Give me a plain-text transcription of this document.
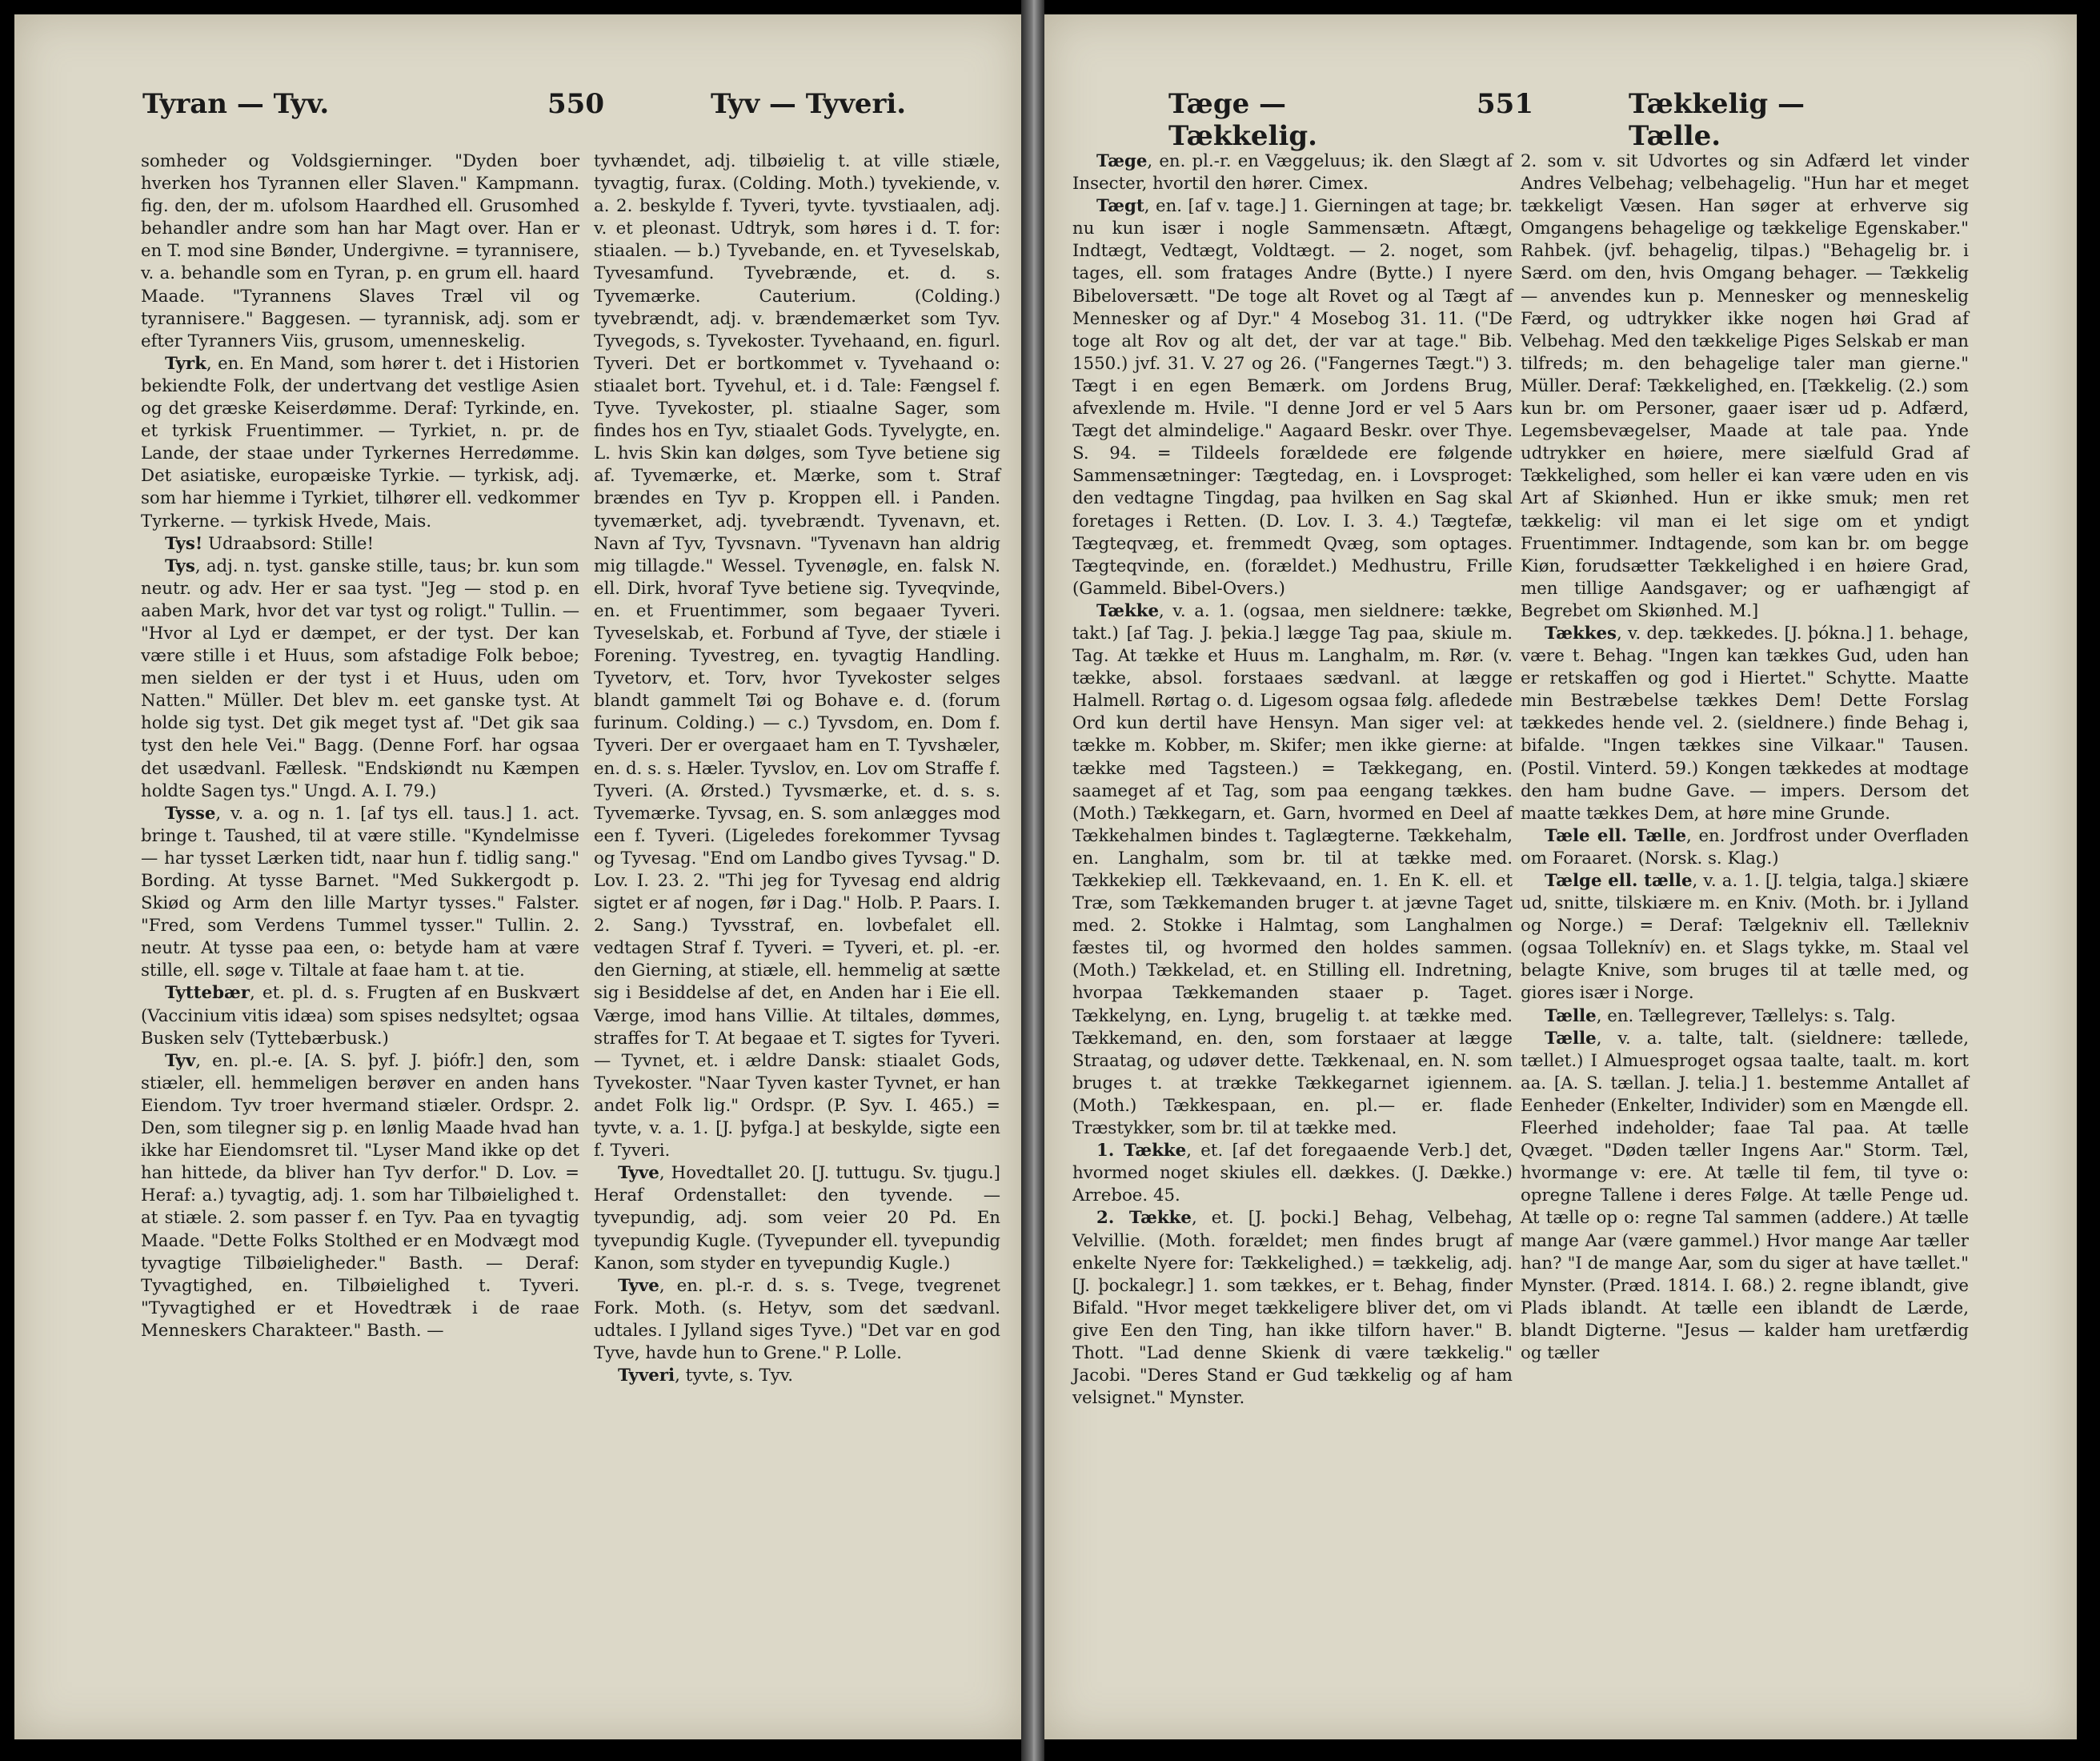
Tyran — Tyv.	550	Tyv — Tyveri.

somheder og Voldsgierninger. "Dyden boer hverken hos Tyrannen eller Slaven." Kampmann. fig. den, der m. ufolsom Haardhed ell. Grusomhed behandler andre som han har Magt over. Han er en T. mod sine Bønder, Undergivne. = tyrannisere, v. a. behandle som en Tyran, p. en grum ell. haard Maade. "Tyrannens Slaves Træl vil og tyrannisere." Baggesen. — tyrannisk, adj. som er efter Tyranners Viis, grusom, umenneskelig.

Tyrk, en. En Mand, som hører t. det i Historien bekiendte Folk, der undertvang det vestlige Asien og det græske Keiserdømme. Deraf: Tyrkinde, en. et tyrkisk Fruentimmer. — Tyrkiet, n. pr. de Lande, der staae under Tyrkernes Herredømme. Det asiatiske, europæiske Tyrkie. — tyrkisk, adj. som har hiemme i Tyrkiet, tilhører ell. vedkommer Tyrkerne. — tyrkisk Hvede, Mais.

Tys! Udraabsord: Stille!

Tys, adj. n. tyst. ganske stille, taus; br. kun som neutr. og adv. Her er saa tyst. "Jeg — stod p. en aaben Mark, hvor det var tyst og roligt." Tullin. — "Hvor al Lyd er dæmpet, er der tyst. Der kan være stille i et Huus, som afstadige Folk beboe; men sielden er der tyst i et Huus, uden om Natten." Müller. Det blev m. eet ganske tyst. At holde sig tyst. Det gik meget tyst af. "Det gik saa tyst den hele Vei." Bagg. (Denne Forf. har ogsaa det usædvanl. Fællesk. "Endskiøndt nu Kæmpen holdte Sagen tys." Ungd. A. I. 79.)

Tysse, v. a. og n. 1. [af tys ell. taus.] 1. act. bringe t. Taushed, til at være stille. "Kyndelmisse — har tysset Lærken tidt, naar hun f. tidlig sang." Bording. At tysse Barnet. "Med Sukkergodt p. Skiød og Arm den lille Martyr tysses." Falster. "Fred, som Verdens Tummel tysser." Tullin. 2. neutr. At tysse paa een, o: betyde ham at være stille, ell. søge v. Tiltale at faae ham t. at tie.

Tyttebær, et. pl. d. s. Frugten af en Buskvært (Vaccinium vitis idæa) som spises nedsyltet; ogsaa Busken selv (Tyttebærbusk.)

Tyv, en. pl.-e. [A. S. þyf. J. þiófr.] den, som stiæler, ell. hemmeligen berøver en anden hans Eiendom. Tyv troer hvermand stiæler. Ordspr. 2. Den, som tilegner sig p. en lønlig Maade hvad han ikke har Eiendomsret til. "Lyser Mand ikke op det han hittede, da bliver han Tyv derfor." D. Lov. = Heraf: a.) tyvagtig, adj. 1. som har Tilbøielighed t. at stiæle. 2. som passer f. en Tyv. Paa en tyvagtig Maade. "Dette Folks Stolthed er en Modvægt mod tyvagtige Tilbøieligheder." Basth. — Deraf: Tyvagtighed, en. Tilbøielighed t. Tyveri. "Tyvagtighed er et Hovedtræk i de raae Menneskers Charakteer." Basth. —

tyvhændet, adj. tilbøielig t. at ville stiæle, tyvagtig, furax. (Colding. Moth.) tyvekiende, v. a. 2. beskylde f. Tyveri, tyvte. tyvstiaalen, adj. v. et pleonast. Udtryk, som høres i d. T. for: stiaalen. — b.) Tyvebande, en. et Tyveselskab, Tyvesamfund. Tyvebrænde, et. d. s. Tyvemærke. Cauterium. (Colding.) tyvebrændt, adj. v. brændemærket som Tyv. Tyvegods, s. Tyvekoster. Tyvehaand, en. figurl. Tyveri. Det er bortkommet v. Tyvehaand o: stiaalet bort. Tyvehul, et. i d. Tale: Fængsel f. Tyve. Tyvekoster, pl. stiaalne Sager, som findes hos en Tyv, stiaalet Gods. Tyvelygte, en. L. hvis Skin kan dølges, som Tyve betiene sig af. Tyvemærke, et. Mærke, som t. Straf brændes en Tyv p. Kroppen ell. i Panden. tyvemærket, adj. tyvebrændt. Tyvenavn, et. Navn af Tyv, Tyvsnavn. "Tyvenavn han aldrig mig tillagde." Wessel. Tyvenøgle, en. falsk N. ell. Dirk, hvoraf Tyve betiene sig. Tyveqvinde, en. et Fruentimmer, som begaaer Tyveri. Tyveselskab, et. Forbund af Tyve, der stiæle i Forening. Tyvestreg, en. tyvagtig Handling. Tyvetorv, et. Torv, hvor Tyvekoster selges blandt gammelt Tøi og Bohave e. d. (forum furinum. Colding.) — c.) Tyvsdom, en. Dom f. Tyveri. Der er overgaaet ham en T. Tyvshæler, en. d. s. s. Hæler. Tyvslov, en. Lov om Straffe f. Tyveri. (A. Ørsted.) Tyvsmærke, et. d. s. s. Tyvemærke. Tyvsag, en. S. som anlægges mod een f. Tyveri. (Ligeledes forekommer Tyvsag og Tyvesag. "End om Landbo gives Tyvsag." D. Lov. I. 23. 2. "Thi jeg for Tyvesag end aldrig sigtet er af nogen, før i Dag." Holb. P. Paars. I. 2. Sang.) Tyvsstraf, en. lovbefalet ell. vedtagen Straf f. Tyveri. = Tyveri, et. pl. -er. den Gierning, at stiæle, ell. hemmelig at sætte sig i Besiddelse af det, en Anden har i Eie ell. Værge, imod hans Villie. At tiltales, dømmes, straffes for T. At begaae et T. sigtes for Tyveri. — Tyvnet, et. i ældre Dansk: stiaalet Gods, Tyvekoster. "Naar Tyven kaster Tyvnet, er han andet Folk lig." Ordspr. (P. Syv. I. 465.) = tyvte, v. a. 1. [J. þyfga.] at beskylde, sigte een f. Tyveri.

Tyve, Hovedtallet 20. [J. tuttugu. Sv. tjugu.] Heraf Ordenstallet: den tyvende. — tyvepundig, adj. som veier 20 Pd. En tyvepundig Kugle. (Tyvepunder ell. tyvepundig Kanon, som styder en tyvepundig Kugle.)

Tyve, en. pl.-r. d. s. s. Tvege, tvegrenet Fork. Moth. (s. Hetyv, som det sædvanl. udtales. I Jylland siges Tyve.) "Det var en god Tyve, havde hun to Grene." P. Lolle.

Tyveri, tyvte, s. Tyv.

Tæge — Tækkelig.
551	Tækkelig — Tælle.

Tæge, en. pl.-r. en Væggeluus; ik. den Slægt af Insecter, hvortil den hører. Cimex.

Tægt, en. [af v. tage.] 1. Gierningen at tage; br. nu kun især i nogle Sammensætn. Aftægt, Indtægt, Vedtægt, Voldtægt. — 2. noget, som tages, ell. som fratages Andre (Bytte.) I nyere Bibeloversætt. "De toge alt Rovet og al Tægt af Mennesker og af Dyr." 4 Mosebog 31. 11. ("De toge alt Rov og alt det, der var at tage." Bib. 1550.) jvf. 31. V. 27 og 26. ("Fangernes Tægt.") 3. Tægt i en egen Bemærk. om Jordens Brug, afvexlende m. Hvile. "I denne Jord er vel 5 Aars Tægt det almindelige." Aagaard Beskr. over Thye. S. 94. = Tildeels forældede ere følgende Sammensætninger: Tægtedag, en. i Lovsproget: den vedtagne Tingdag, paa hvilken en Sag skal foretages i Retten. (D. Lov. I. 3. 4.) Tægtefæ, Tægteqvæg, et. fremmedt Qvæg, som optages. Tægteqvinde, en. (forældet.) Medhustru, Frille (Gammeld. Bibel-Overs.)

Tække, v. a. 1. (ogsaa, men sieldnere: tække, takt.) [af Tag. J. þekia.] lægge Tag paa, skiule m. Tag. At tække et Huus m. Langhalm, m. Rør. (v. tække, absol. forstaaes sædvanl. at lægge Halmell. Rørtag o. d. Ligesom ogsaa følg. afledede Ord kun dertil have Hensyn. Man siger vel: at tække m. Kobber, m. Skifer; men ikke gierne: at tække med Tagsteen.) = Tækkegang, en. saameget af et Tag, som paa eengang tækkes. (Moth.) Tækkegarn, et. Garn, hvormed en Deel af Tækkehalmen bindes t. Taglægterne. Tækkehalm, en. Langhalm, som br. til at tække med. Tækkekiep ell. Tækkevaand, en. 1. En K. ell. et Træ, som Tækkemanden bruger t. at jævne Taget med. 2. Stokke i Halmtag, som Langhalmen fæstes til, og hvormed den holdes sammen. (Moth.) Tækkelad, et. en Stilling ell. Indretning, hvorpaa Tækkemanden staaer p. Taget. Tækkelyng, en. Lyng, brugelig t. at tække med. Tækkemand, en. den, som forstaaer at lægge Straatag, og udøver dette. Tækkenaal, en. N. som bruges t. at trække Tækkegarnet igiennem. (Moth.) Tækkespaan, en. pl.— er. flade Træstykker, som br. til at tække med.

1. Tække, et. [af det foregaaende Verb.] det, hvormed noget skiules ell. dækkes. (J. Dække.) Arreboe. 45.

2. Tække, et. [J. þocki.] Behag, Velbehag, Velvillie. (Moth. forældet; men findes brugt af enkelte Nyere for: Tækkelighed.) = tækkelig, adj. [J. þockalegr.] 1. som tækkes, er t. Behag, finder Bifald. "Hvor meget tækkeligere bliver det, om vi give Een den Ting, han ikke tilforn haver." B. Thott. "Lad denne Skienk di være tækkelig." Jacobi. "Deres Stand er Gud tækkelig og af ham velsignet." Mynster.

2. som v. sit Udvortes og sin Adfærd let vinder Andres Velbehag; velbehagelig. "Hun har et meget tækkeligt Væsen. Han søger at erhverve sig Omgangens behagelige og tækkelige Egenskaber." Rahbek. (jvf. behagelig, tilpas.) "Behagelig br. i Særd. om den, hvis Omgang behager. — Tækkelig — anvendes kun p. Mennesker og menneskelig Færd, og udtrykker ikke nogen høi Grad af Velbehag. Med den tækkelige Piges Selskab er man tilfreds; m. den behagelige taler man gierne." Müller. Deraf: Tækkelighed, en. [Tækkelig. (2.) som kun br. om Personer, gaaer især ud p. Adfærd, Legemsbevægelser, Maade at tale paa. Ynde udtrykker en høiere, mere siælfuld Grad af Tækkelighed, som heller ei kan være uden en vis Art af Skiønhed. Hun er ikke smuk; men ret tækkelig: vil man ei let sige om et yndigt Fruentimmer. Indtagende, som kan br. om begge Kiøn, forudsætter Tækkelighed i en høiere Grad, men tillige Aandsgaver; og er uafhængigt af Begrebet om Skiønhed. M.]

Tækkes, v. dep. tækkedes. [J. þókna.] 1. behage, være t. Behag. "Ingen kan tækkes Gud, uden han er retskaffen og god i Hiertet." Schytte. Maatte min Bestræbelse tækkes Dem! Dette Forslag tækkedes hende vel. 2. (sieldnere.) finde Behag i, bifalde. "Ingen tækkes sine Vilkaar." Tausen. (Postil. Vinterd. 59.) Kongen tækkedes at modtage den ham budne Gave. — impers. Dersom det maatte tækkes Dem, at høre mine Grunde.

Tæle ell. Tælle, en. Jordfrost under Overfladen om Foraaret. (Norsk. s. Klag.)

Tælge ell. tælle, v. a. 1. [J. telgia, talga.] skiære ud, snitte, tilskiære m. en Kniv. (Moth. br. i Jylland og Norge.) = Deraf: Tælgekniv ell. Tællekniv (ogsaa Tolleknív) en. et Slags tykke, m. Staal vel belagte Knive, som bruges til at tælle med, og giores især i Norge.

Tælle, en. Tællegrever, Tællelys: s. Talg.

Tælle, v. a. talte, talt. (sieldnere: tællede, tællet.) I Almuesproget ogsaa taalte, taalt. m. kort aa. [A. S. tællan. J. telia.] 1. bestemme Antallet af Eenheder (Enkelter, Individer) som en Mængde ell. Fleerhed indeholder; faae Tal paa. At tælle Qvæget. "Døden tæller Ingens Aar." Storm. Tæl, hvormange v: ere. At tælle til fem, til tyve o: opregne Tallene i deres Følge. At tælle Penge ud. At tælle op o: regne Tal sammen (addere.) At tælle mange Aar (være gammel.) Hvor mange Aar tæller han? "I de mange Aar, som du siger at have tællet." Mynster. (Præd. 1814. I. 68.) 2. regne iblandt, give Plads iblandt. At tælle een iblandt de Lærde, blandt Digterne. "Jesus — kalder ham uretfærdig og tæller
